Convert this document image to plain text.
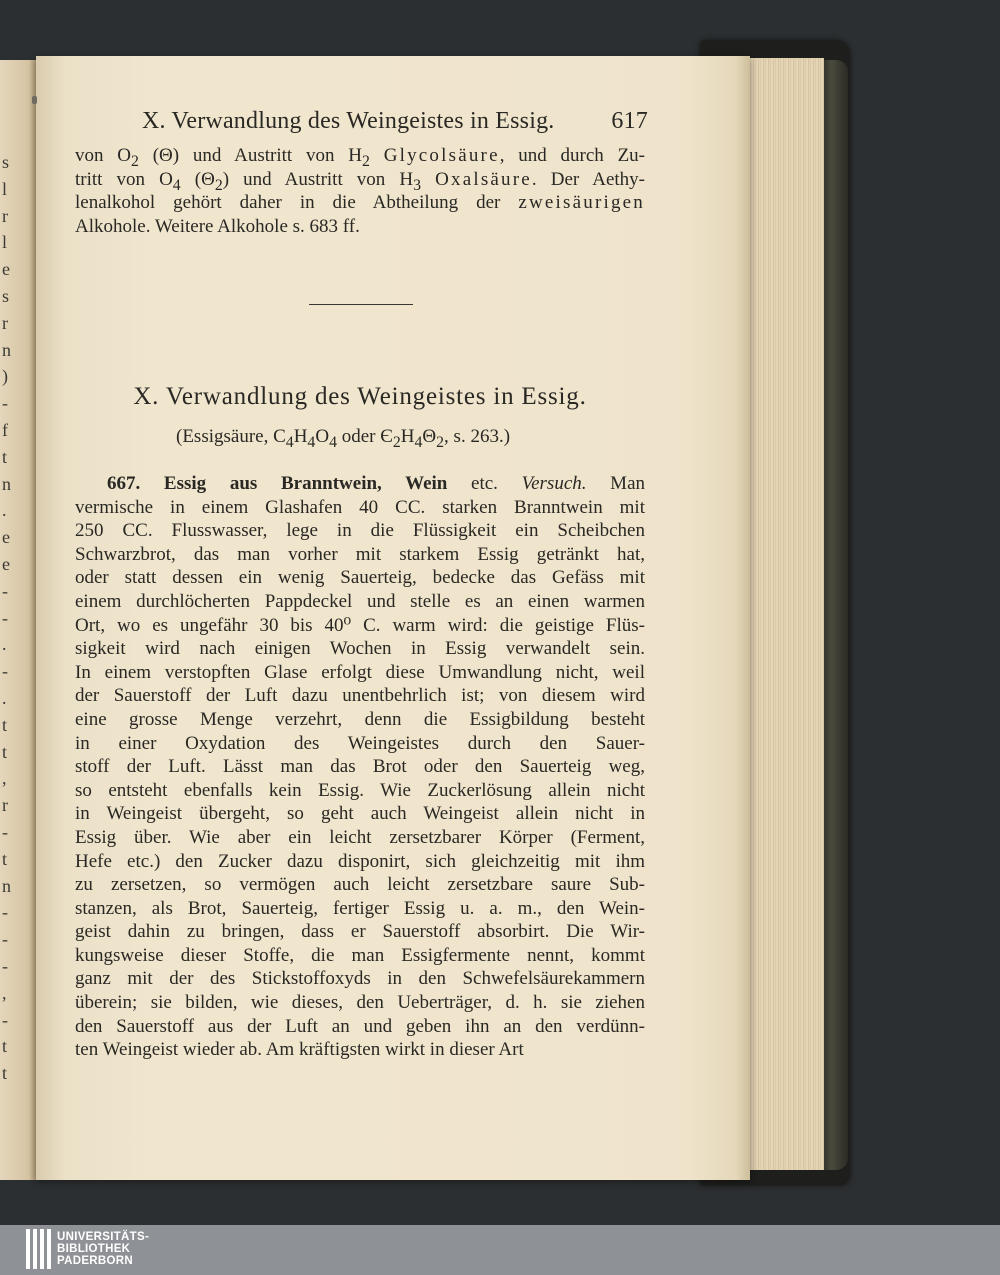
s
l
r
l
e
s
r
n
)
-
f
t
n
.
e
e
-
-
.
-
.
t
t
,
r
-
t
n
-
-
-
,
-
t
t
X. Verwandlung des Weingeistes in Essig. 617
von $O_2$ (Θ) und Austritt von $H_2$ Glycolsäure, und durch Zu-
tritt von $O_4$ $(\Theta_2)$ und Austritt von $H_3$ Oxalsäure. Der Aethy-
lenalkohol gehört daher in die Abtheilung der zweisäurigen
Alkohole. Weitere Alkohole s. 683 ff.
X. Verwandlung des Weingeistes in Essig.
(Essigsäure, $C_4H_4O_4$ oder $Є_2H_4\Theta_2$, s. 263.)
667. Essig aus Branntwein, Wein etc. Versuch. Man
vermische in einem Glashafen 40 CC. starken Branntwein mit
250 CC. Flusswasser, lege in die Flüssigkeit ein Scheibchen
Schwarzbrot, das man vorher mit starkem Essig getränkt hat,
oder statt dessen ein wenig Sauerteig, bedecke das Gefäss mit
einem durchlöcherten Pappdeckel und stelle es an einen warmen
Ort, wo es ungefähr 30 bis 40⁰ C. warm wird: die geistige Flüs-
sigkeit wird nach einigen Wochen in Essig verwandelt sein.
In einem verstopften Glase erfolgt diese Umwandlung nicht, weil
der Sauerstoff der Luft dazu unentbehrlich ist; von diesem wird
eine grosse Menge verzehrt, denn die Essigbildung besteht
in einer Oxydation des Weingeistes durch den Sauer-
stoff der Luft. Lässt man das Brot oder den Sauerteig weg,
so entsteht ebenfalls kein Essig. Wie Zuckerlösung allein nicht
in Weingeist übergeht, so geht auch Weingeist allein nicht in
Essig über. Wie aber ein leicht zersetzbarer Körper (Ferment,
Hefe etc.) den Zucker dazu disponirt, sich gleichzeitig mit ihm
zu zersetzen, so vermögen auch leicht zersetzbare saure Sub-
stanzen, als Brot, Sauerteig, fertiger Essig u. a. m., den Wein-
geist dahin zu bringen, dass er Sauerstoff absorbirt. Die Wir-
kungsweise dieser Stoffe, die man Essigfermente nennt, kommt
ganz mit der des Stickstoffoxyds in den Schwefelsäurekammern
überein; sie bilden, wie dieses, den Ueberträger, d. h. sie ziehen
den Sauerstoff aus der Luft an und geben ihn an den verdünn-
ten Weingeist wieder ab. Am kräftigsten wirkt in dieser Art
UNIVERSITÄTS-
BIBLIOTHEK
PADERBORN
